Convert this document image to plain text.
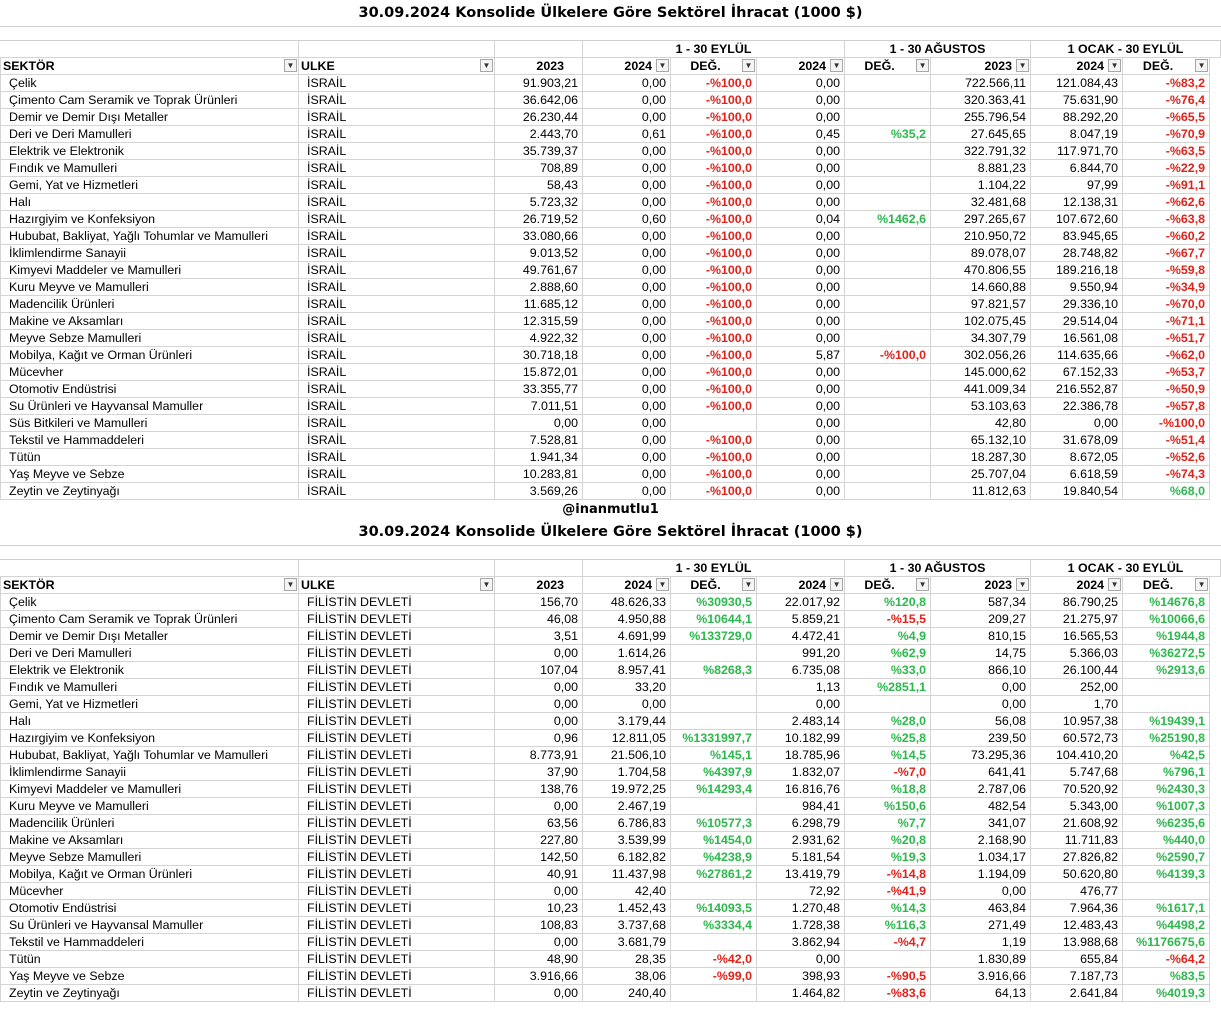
30.09.2024 Konsolide Ülkelere Göre Sektörel İhracat (1000 $)
			1 - 30 EYLÜL			1 - 30 AĞUSTOS		1 OCAK - 30 EYLÜL	
SEKTÖR ▼	ULKE ▼	2023	2024 ▼	DEĞ. ▼	2024 ▼	DEĞ. ▼	2023 ▼	2024 ▼	DEĞ. ▼

Çelik	İSRAİL	91.903,21	0,00	-%100,0	0,00		722.566,11	121.084,43	-%83,2
Çimento Cam Seramik ve Toprak Ürünleri	İSRAİL	36.642,06	0,00	-%100,0	0,00		320.363,41	75.631,90	-%76,4
Demir ve Demir Dışı Metaller	İSRAİL	26.230,44	0,00	-%100,0	0,00		255.796,54	88.292,20	-%65,5
Deri ve Deri Mamulleri	İSRAİL	2.443,70	0,61	-%100,0	0,45	%35,2	27.645,65	8.047,19	-%70,9
Elektrik ve Elektronik	İSRAİL	35.739,37	0,00	-%100,0	0,00		322.791,32	117.971,70	-%63,5
Fındık ve Mamulleri	İSRAİL	708,89	0,00	-%100,0	0,00		8.881,23	6.844,70	-%22,9
Gemi, Yat ve Hizmetleri	İSRAİL	58,43	0,00	-%100,0	0,00		1.104,22	97,99	-%91,1
Halı	İSRAİL	5.723,32	0,00	-%100,0	0,00		32.481,68	12.138,31	-%62,6
Hazırgiyim ve Konfeksiyon	İSRAİL	26.719,52	0,60	-%100,0	0,04	%1462,6	297.265,67	107.672,60	-%63,8
Hububat, Bakliyat, Yağlı Tohumlar ve Mamulleri	İSRAİL	33.080,66	0,00	-%100,0	0,00		210.950,72	83.945,65	-%60,2
İklimlendirme Sanayii	İSRAİL	9.013,52	0,00	-%100,0	0,00		89.078,07	28.748,82	-%67,7
Kimyevi Maddeler ve Mamulleri	İSRAİL	49.761,67	0,00	-%100,0	0,00		470.806,55	189.216,18	-%59,8
Kuru Meyve ve Mamulleri	İSRAİL	2.888,60	0,00	-%100,0	0,00		14.660,88	9.550,94	-%34,9
Madencilik Ürünleri	İSRAİL	11.685,12	0,00	-%100,0	0,00		97.821,57	29.336,10	-%70,0
Makine ve Aksamları	İSRAİL	12.315,59	0,00	-%100,0	0,00		102.075,45	29.514,04	-%71,1
Meyve Sebze Mamulleri	İSRAİL	4.922,32	0,00	-%100,0	0,00		34.307,79	16.561,08	-%51,7
Mobilya, Kağıt ve Orman Ürünleri	İSRAİL	30.718,18	0,00	-%100,0	5,87	-%100,0	302.056,26	114.635,66	-%62,0
Mücevher	İSRAİL	15.872,01	0,00	-%100,0	0,00		145.000,62	67.152,33	-%53,7
Otomotiv Endüstrisi	İSRAİL	33.355,77	0,00	-%100,0	0,00		441.009,34	216.552,87	-%50,9
Su Ürünleri ve Hayvansal Mamuller	İSRAİL	7.011,51	0,00	-%100,0	0,00		53.103,63	22.386,78	-%57,8
Süs Bitkileri ve Mamulleri	İSRAİL	0,00	0,00		0,00		42,80	0,00	-%100,0
Tekstil ve Hammaddeleri	İSRAİL	7.528,81	0,00	-%100,0	0,00		65.132,10	31.678,09	-%51,4
Tütün	İSRAİL	1.941,34	0,00	-%100,0	0,00		18.287,30	8.672,05	-%52,6
Yaş Meyve ve Sebze	İSRAİL	10.283,81	0,00	-%100,0	0,00		25.707,04	6.618,59	-%74,3
Zeytin ve Zeytinyağı	İSRAİL	3.569,26	0,00	-%100,0	0,00		11.812,63	19.840,54	%68,0
@inanmutlu1
30.09.2024 Konsolide Ülkelere Göre Sektörel İhracat (1000 $)
			1 - 30 EYLÜL			1 - 30 AĞUSTOS		1 OCAK - 30 EYLÜL	
SEKTÖR ▼	ULKE ▼	2023	2024 ▼	DEĞ. ▼	2024 ▼	DEĞ. ▼	2023 ▼	2024 ▼	DEĞ. ▼

Çelik	FİLİSTİN DEVLETİ	156,70	48.626,33	%30930,5	22.017,92	%120,8	587,34	86.790,25	%14676,8
Çimento Cam Seramik ve Toprak Ürünleri	FİLİSTİN DEVLETİ	46,08	4.950,88	%10644,1	5.859,21	-%15,5	209,27	21.275,97	%10066,6
Demir ve Demir Dışı Metaller	FİLİSTİN DEVLETİ	3,51	4.691,99	%133729,0	4.472,41	%4,9	810,15	16.565,53	%1944,8
Deri ve Deri Mamulleri	FİLİSTİN DEVLETİ	0,00	1.614,26		991,20	%62,9	14,75	5.366,03	%36272,5
Elektrik ve Elektronik	FİLİSTİN DEVLETİ	107,04	8.957,41	%8268,3	6.735,08	%33,0	866,10	26.100,44	%2913,6
Fındık ve Mamulleri	FİLİSTİN DEVLETİ	0,00	33,20		1,13	%2851,1	0,00	252,00	
Gemi, Yat ve Hizmetleri	FİLİSTİN DEVLETİ	0,00	0,00		0,00		0,00	1,70	
Halı	FİLİSTİN DEVLETİ	0,00	3.179,44		2.483,14	%28,0	56,08	10.957,38	%19439,1
Hazırgiyim ve Konfeksiyon	FİLİSTİN DEVLETİ	0,96	12.811,05	%1331997,7	10.182,99	%25,8	239,50	60.572,73	%25190,8
Hububat, Bakliyat, Yağlı Tohumlar ve Mamulleri	FİLİSTİN DEVLETİ	8.773,91	21.506,10	%145,1	18.785,96	%14,5	73.295,36	104.410,20	%42,5
İklimlendirme Sanayii	FİLİSTİN DEVLETİ	37,90	1.704,58	%4397,9	1.832,07	-%7,0	641,41	5.747,68	%796,1
Kimyevi Maddeler ve Mamulleri	FİLİSTİN DEVLETİ	138,76	19.972,25	%14293,4	16.816,76	%18,8	2.787,06	70.520,92	%2430,3
Kuru Meyve ve Mamulleri	FİLİSTİN DEVLETİ	0,00	2.467,19		984,41	%150,6	482,54	5.343,00	%1007,3
Madencilik Ürünleri	FİLİSTİN DEVLETİ	63,56	6.786,83	%10577,3	6.298,79	%7,7	341,07	21.608,92	%6235,6
Makine ve Aksamları	FİLİSTİN DEVLETİ	227,80	3.539,99	%1454,0	2.931,62	%20,8	2.168,90	11.711,83	%440,0
Meyve Sebze Mamulleri	FİLİSTİN DEVLETİ	142,50	6.182,82	%4238,9	5.181,54	%19,3	1.034,17	27.826,82	%2590,7
Mobilya, Kağıt ve Orman Ürünleri	FİLİSTİN DEVLETİ	40,91	11.437,98	%27861,2	13.419,79	-%14,8	1.194,09	50.620,80	%4139,3
Mücevher	FİLİSTİN DEVLETİ	0,00	42,40		72,92	-%41,9	0,00	476,77	
Otomotiv Endüstrisi	FİLİSTİN DEVLETİ	10,23	1.452,43	%14093,5	1.270,48	%14,3	463,84	7.964,36	%1617,1
Su Ürünleri ve Hayvansal Mamuller	FİLİSTİN DEVLETİ	108,83	3.737,68	%3334,4	1.728,38	%116,3	271,49	12.483,43	%4498,2
Tekstil ve Hammaddeleri	FİLİSTİN DEVLETİ	0,00	3.681,79		3.862,94	-%4,7	1,19	13.988,68	%1176675,6
Tütün	FİLİSTİN DEVLETİ	48,90	28,35	-%42,0	0,00		1.830,89	655,84	-%64,2
Yaş Meyve ve Sebze	FİLİSTİN DEVLETİ	3.916,66	38,06	-%99,0	398,93	-%90,5	3.916,66	7.187,73	%83,5
Zeytin ve Zeytinyağı	FİLİSTİN DEVLETİ	0,00	240,40		1.464,82	-%83,6	64,13	2.641,84	%4019,3
